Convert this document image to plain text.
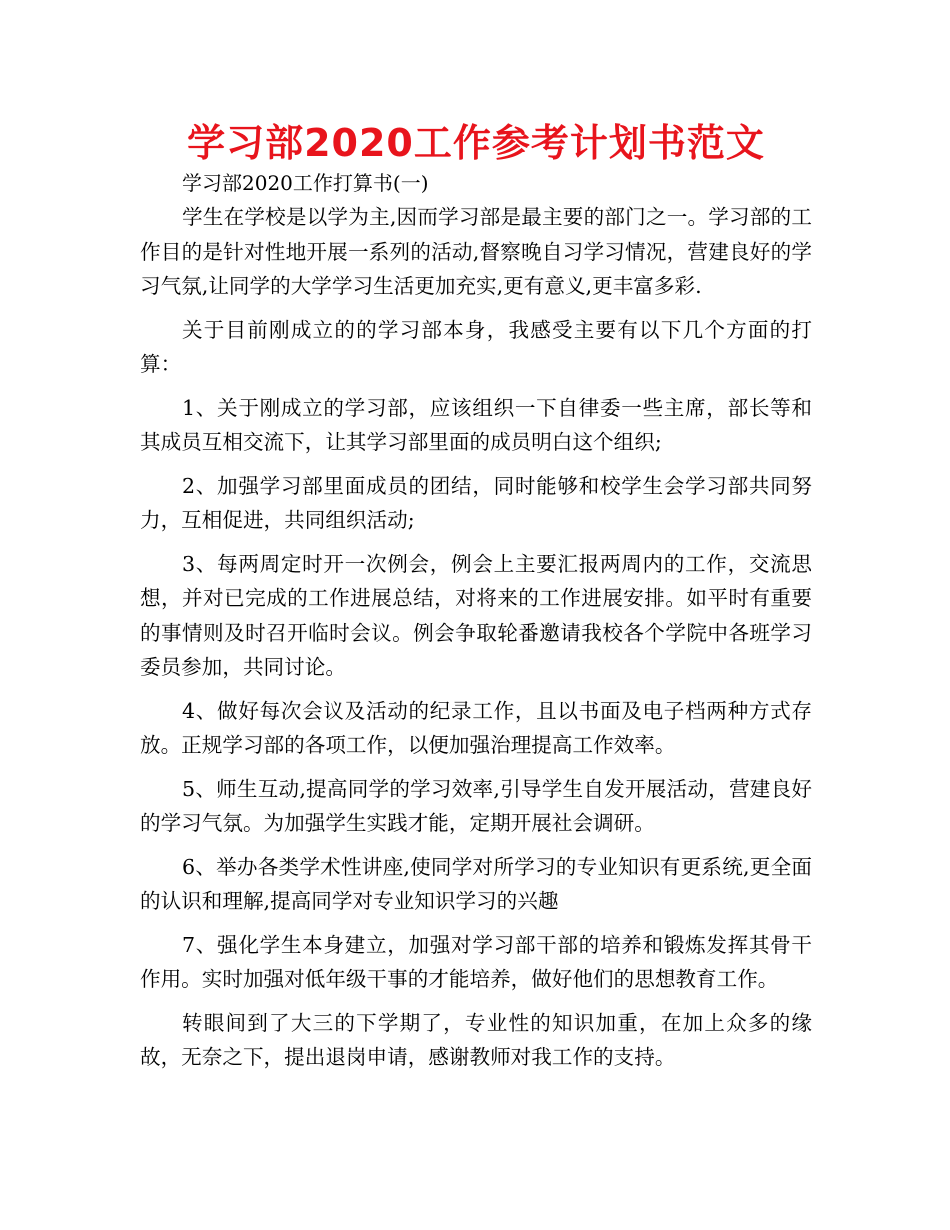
学习部2020工作参考计划书范文

学习部2020工作打算书(一)

学生在学校是以学为主,因而学习部是最主要的部门之一。学习部的工作目的是针对性地开展一系列的活动,督察晚自习学习情况，营建良好的学习气氛,让同学的大学学习生活更加充实,更有意义,更丰富多彩.

关于目前刚成立的的学习部本身，我感受主要有以下几个方面的打算：

1、关于刚成立的学习部，应该组织一下自律委一些主席，部长等和其成员互相交流下，让其学习部里面的成员明白这个组织;

2、加强学习部里面成员的团结，同时能够和校学生会学习部共同努力，互相促进，共同组织活动;

3、每两周定时开一次例会，例会上主要汇报两周内的工作，交流思想，并对已完成的工作进展总结，对将来的工作进展安排。如平时有重要的事情则及时召开临时会议。例会争取轮番邀请我校各个学院中各班学习委员参加，共同讨论。

4、做好每次会议及活动的纪录工作，且以书面及电子档两种方式存放。正规学习部的各项工作，以便加强治理提高工作效率。

5、师生互动,提高同学的学习效率,引导学生自发开展活动，营建良好的学习气氛。为加强学生实践才能，定期开展社会调研。

6、举办各类学术性讲座,使同学对所学习的专业知识有更系统,更全面的认识和理解,提高同学对专业知识学习的兴趣

7、强化学生本身建立，加强对学习部干部的培养和锻炼发挥其骨干作用。实时加强对低年级干事的才能培养，做好他们的思想教育工作。

转眼间到了大三的下学期了，专业性的知识加重，在加上众多的缘故，无奈之下，提出退岗申请，感谢教师对我工作的支持。
